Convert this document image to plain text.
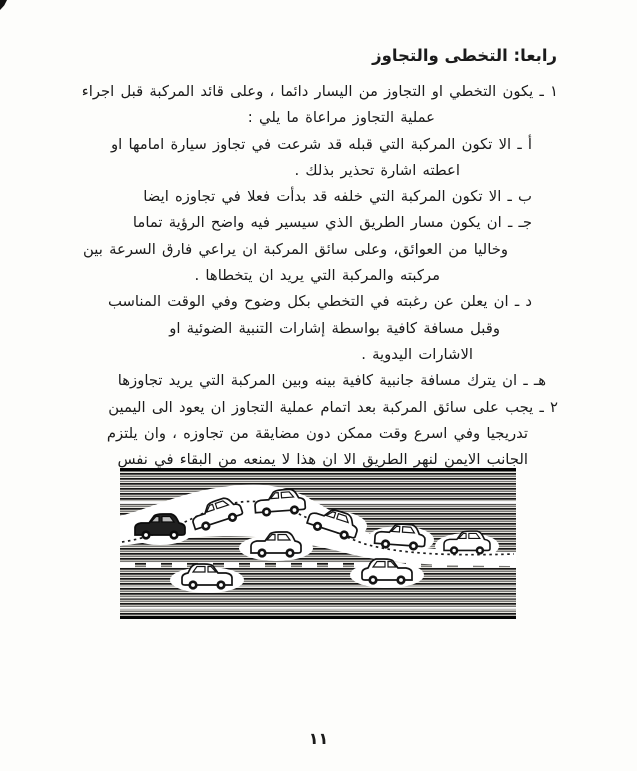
رابعا: التخطى والتجاوز
١ ـ يكون التخطي او التجاوز من اليسار دائما ، وعلى قائد المركبة قبل اجراء
عملية التجاوز مراعاة ما يلي :
أ ـ الا تكون المركبة التي قبله قد شرعت في تجاوز سيارة امامها او
اعطته اشارة تحذير بذلك .
ب ـ الا تكون المركبة التي خلفه قد بدأت فعلا في تجاوزه ايضا
جـ ـ ان يكون مسار الطريق الذي سيسير فيه واضح الرؤية تماما
وخاليا من العوائق، وعلى سائق المركبة ان يراعي فارق السرعة بين
مركبته والمركبة التي يريد ان يتخطاها .
د ـ ان يعلن عن رغبته في التخطي بكل وضوح وفي الوقت المناسب
وقبل مسافة كافية بواسطة إشارات التنبية الضوئية او
الاشارات اليدوية .
هـ ـ ان يترك مسافة جانبية كافية بينه وبين المركبة التي يريد تجاوزها
٢ ـ يجب على سائق المركبة بعد اتمام عملية التجاوز ان يعود الى اليمين
تدريجيا وفي اسرع وقت ممكن دون مضايقة من تجاوزه ، وان يلتزم
الجانب الايمن لنهر الطريق الا ان هذا لا يمنعه من البقاء في نفس
١١
